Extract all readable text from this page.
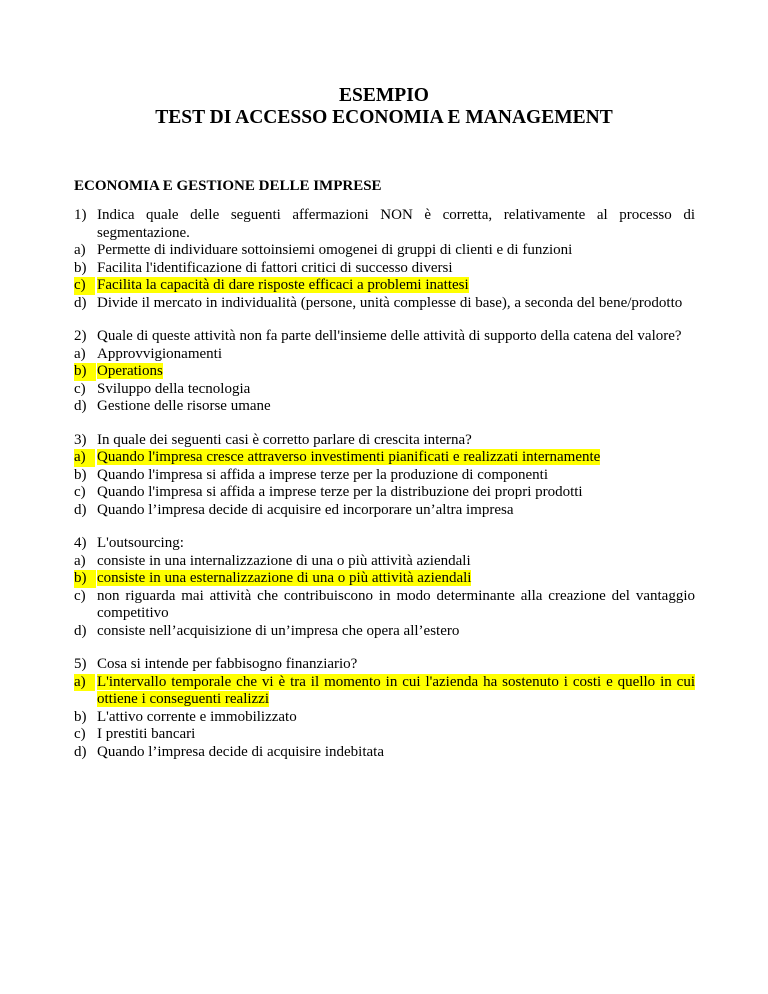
ESEMPIO
TEST DI ACCESSO ECONOMIA E MANAGEMENT
ECONOMIA E GESTIONE DELLE IMPRESE
1) Indica quale delle seguenti affermazioni NON è corretta, relativamente al processo di segmentazione.
a) Permette di individuare sottoinsiemi omogenei di gruppi di clienti e di funzioni
b) Facilita l'identificazione di fattori critici di successo diversi
c) Facilita la capacità di dare risposte efficaci a problemi inattesi
d) Divide il mercato in individualità (persone, unità complesse di base), a seconda del bene/prodotto
2) Quale di queste attività non fa parte dell'insieme delle attività di supporto della catena del valore?
a) Approvvigionamenti
b) Operations
c) Sviluppo della tecnologia
d) Gestione delle risorse umane
3) In quale dei seguenti casi è corretto parlare di crescita interna?
a) Quando l'impresa cresce attraverso investimenti pianificati e realizzati internamente
b) Quando l'impresa si affida a imprese terze per la produzione di componenti
c) Quando l'impresa si affida a imprese terze per la distribuzione dei propri prodotti
d) Quando l’impresa decide di acquisire ed incorporare un’altra impresa
4) L'outsourcing:
a) consiste in una internalizzazione di una o più attività aziendali
b) consiste in una esternalizzazione di una o più attività aziendali
c) non riguarda mai attività che contribuiscono in modo determinante alla creazione del vantaggio competitivo
d) consiste nell’acquisizione di un’impresa che opera all’estero
5) Cosa si intende per fabbisogno finanziario?
a) L'intervallo temporale che vi è tra il momento in cui l'azienda ha sostenuto i costi e quello in cui ottiene i conseguenti realizzi
b) L'attivo corrente e immobilizzato
c) I prestiti bancari
d) Quando l’impresa decide di acquisire indebitata
